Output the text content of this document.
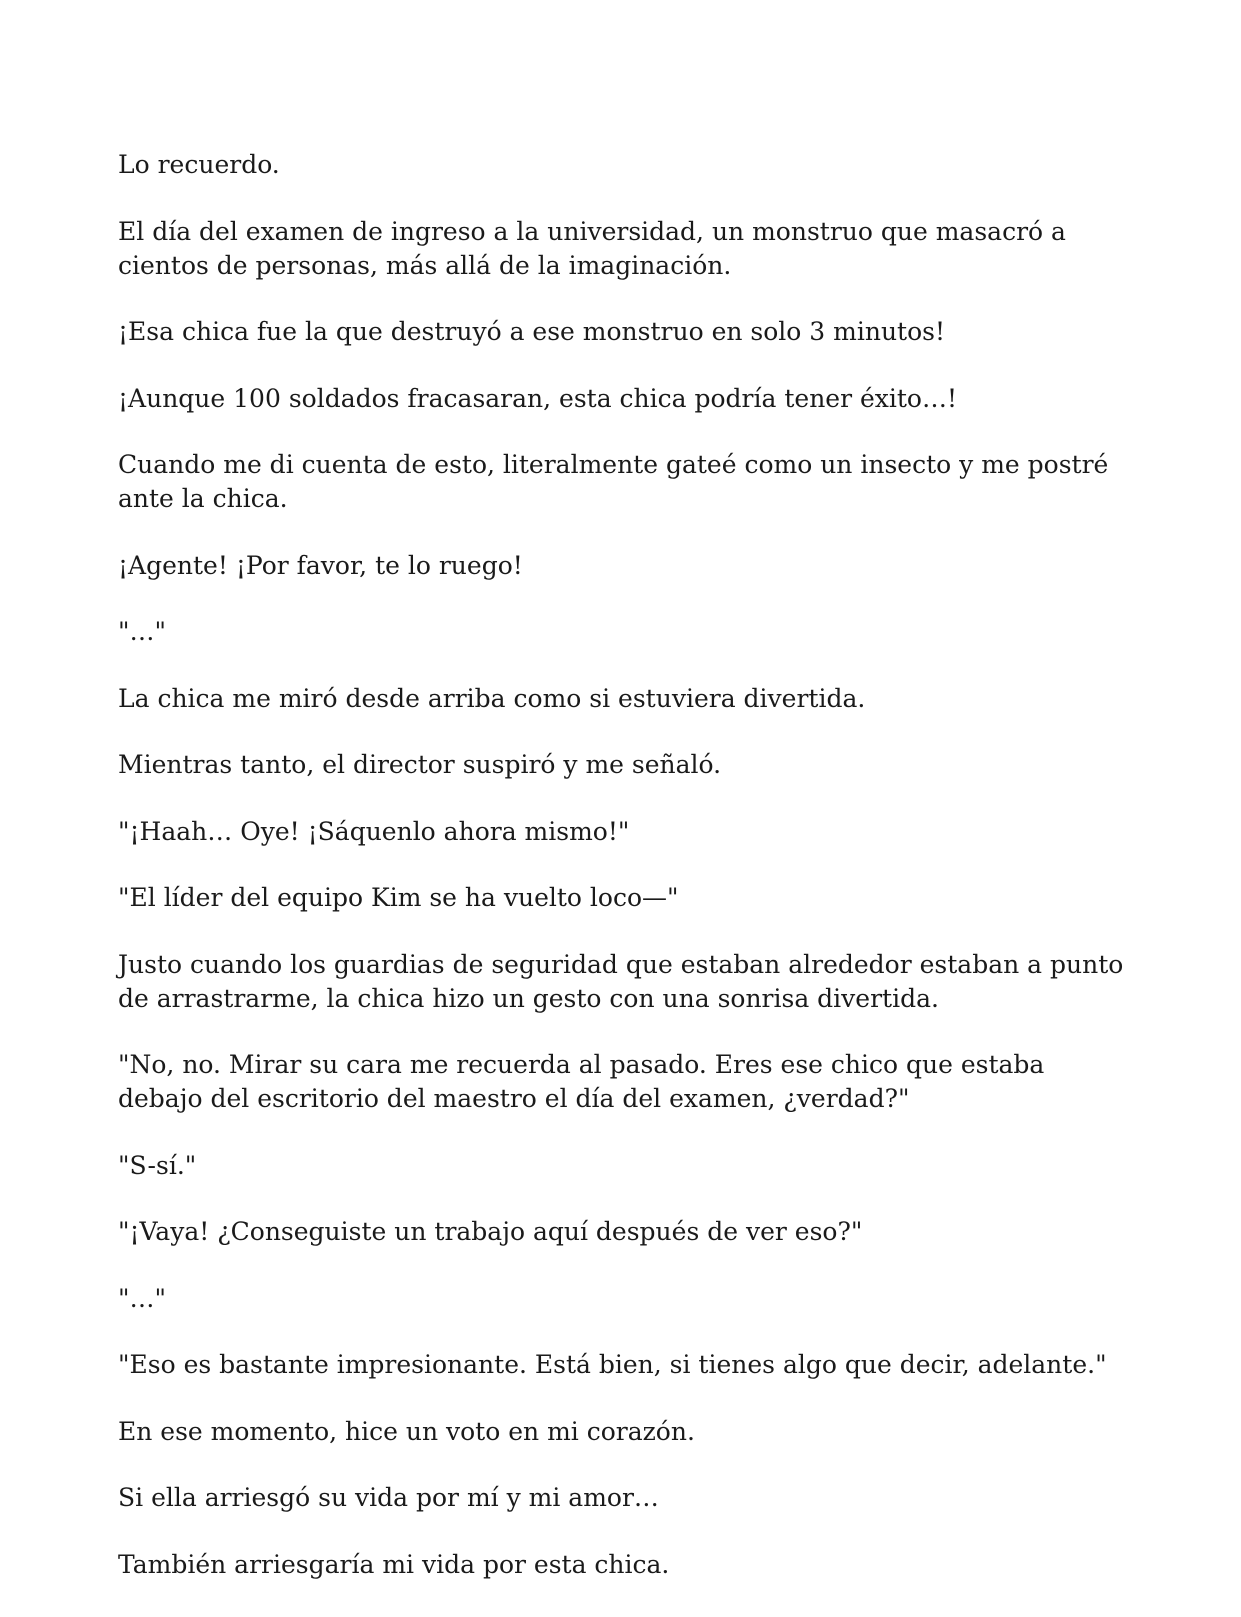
Lo recuerdo.

El día del examen de ingreso a la universidad, un monstruo que masacró a cientos de personas, más allá de la imaginación.

¡Esa chica fue la que destruyó a ese monstruo en solo 3 minutos!

¡Aunque 100 soldados fracasaran, esta chica podría tener éxito…!

Cuando me di cuenta de esto, literalmente gateé como un insecto y me postré ante la chica.

¡Agente! ¡Por favor, te lo ruego!

"…"

La chica me miró desde arriba como si estuviera divertida.

Mientras tanto, el director suspiró y me señaló.

"¡Haah… Oye! ¡Sáquenlo ahora mismo!"

"El líder del equipo Kim se ha vuelto loco—"

Justo cuando los guardias de seguridad que estaban alrededor estaban a punto de arrastrarme, la chica hizo un gesto con una sonrisa divertida.

"No, no. Mirar su cara me recuerda al pasado. Eres ese chico que estaba debajo del escritorio del maestro el día del examen, ¿verdad?"

"S-sí."

"¡Vaya! ¿Conseguiste un trabajo aquí después de ver eso?"

"…"

"Eso es bastante impresionante. Está bien, si tienes algo que decir, adelante."

En ese momento, hice un voto en mi corazón.

Si ella arriesgó su vida por mí y mi amor…

También arriesgaría mi vida por esta chica.
